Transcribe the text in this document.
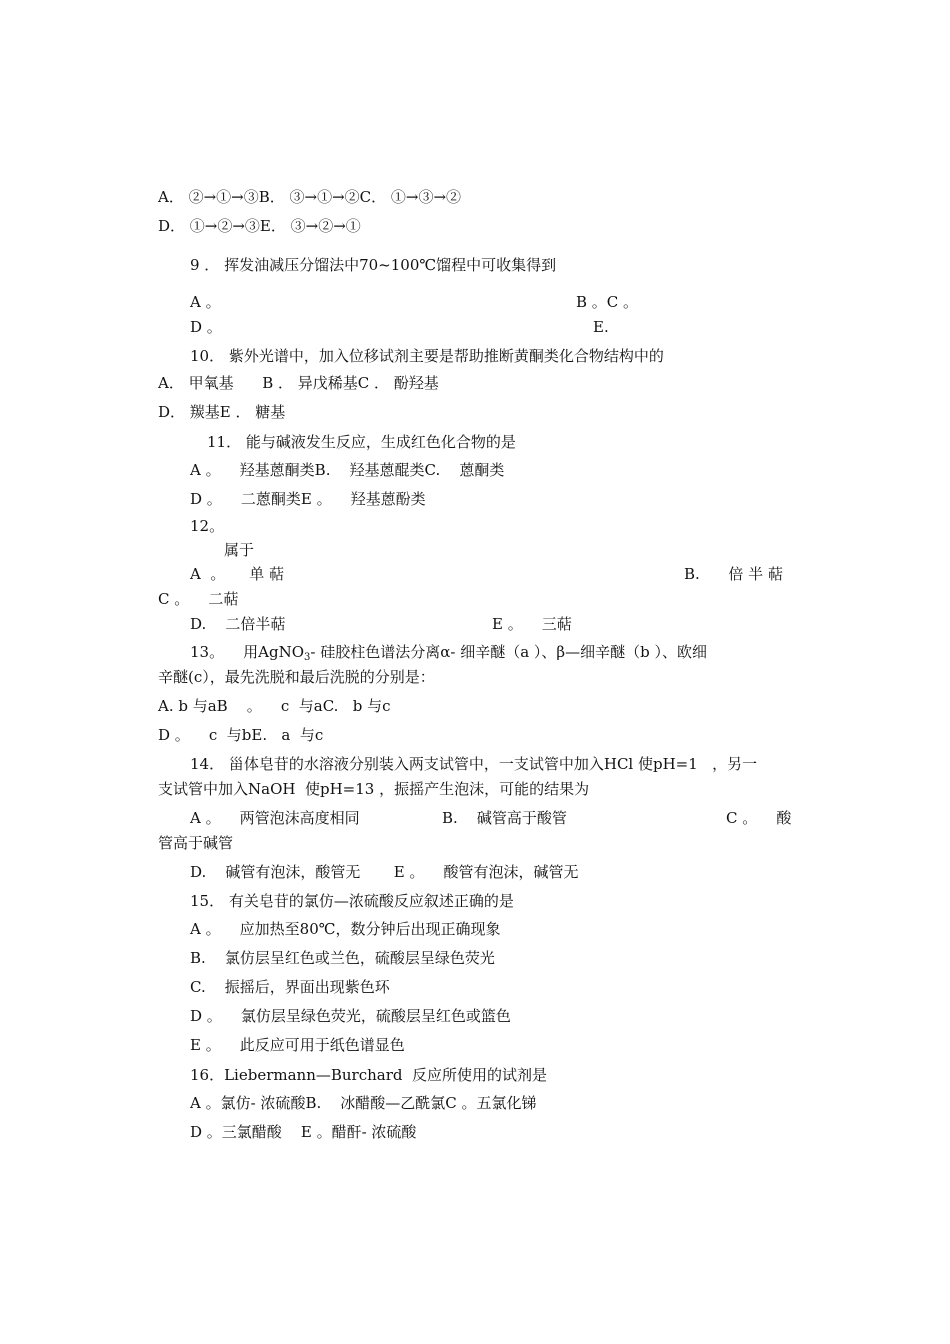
A． ②→①→③B． ③→①→②C． ①→③→②
D． ①→②→③E． ③→②→①
9 ． 挥发油减压分馏法中70~100℃馏程中可收集得到
A 。	B 。C 。
D 。	E.
10． 紫外光谱中，加入位移试剂主要是帮助推断黄酮类化合物结构中的
A． 甲氧基      B ． 异戊稀基C ． 酚羟基
D． 羰基E ． 糖基
11． 能与碱液发生反应，生成红色化合物的是
A 。    羟基蒽酮类B.    羟基蒽醌类C.    蒽酮类
D 。    二蒽酮类E 。    羟基蒽酚类
12。
属于
A  。     单 萜	B.      倍 半 萜
C 。    二萜
D.    二倍半萜	E 。    三萜
13。    用AgNO$_3$- 硅胶柱色谱法分离α- 细辛醚（a ）、β—细辛醚（b ）、欧细
辛醚(c），最先洗脱和最后洗脱的分别是：
A. b 与aB    。    c  与aC.   b 与c
D 。    c  与bE.   a  与c
14． 甾体皂苷的水溶液分别装入两支试管中，一支试管中加入HCl 使pH=1   ，另一
支试管中加入NaOH  使pH=13 ，振摇产生泡沫，可能的结果为
A 。    两管泡沫高度相同	B.    碱管高于酸管	C 。    酸
管高于碱管
D.    碱管有泡沫，酸管无       E 。    酸管有泡沫，碱管无
15． 有关皂苷的氯仿—浓硫酸反应叙述正确的是
A 。    应加热至80℃，数分钟后出现正确现象
B.    氯仿层呈红色或兰色，硫酸层呈绿色荧光
C.    振摇后，界面出现紫色环
D 。    氯仿层呈绿色荧光，硫酸层呈红色或篮色
E 。    此反应可用于纸色谱显色
16．Liebermann—Burchard  反应所使用的试剂是
A 。氯仿- 浓硫酸B.    冰醋酸—乙酰氯C 。五氯化锑
D 。三氯醋酸    E 。醋酐- 浓硫酸
